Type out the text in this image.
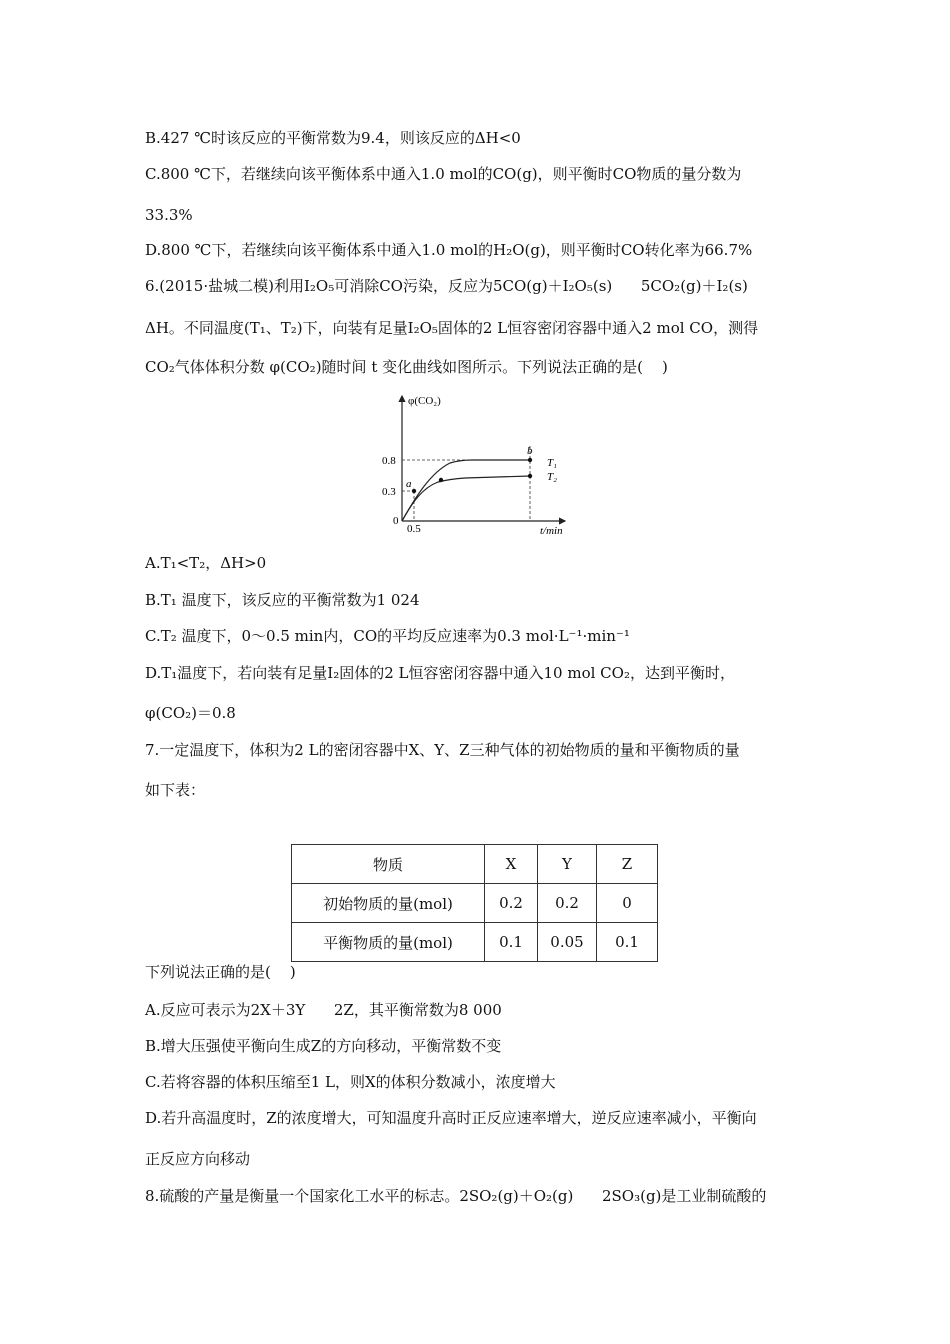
B.427 ℃时该反应的平衡常数为9.4，则该反应的ΔH<0
C.800 ℃下，若继续向该平衡体系中通入1.0 mol的CO(g)，则平衡时CO物质的量分数为
33.3%
D.800 ℃下，若继续向该平衡体系中通入1.0 mol的H₂O(g)，则平衡时CO转化率为66.7%
6.(2015·盐城二模)利用I₂O₅可消除CO污染，反应为5CO(g)＋I₂O₅(s)      5CO₂(g)＋I₂(s)
ΔH。不同温度(T₁、T₂)下，向装有足量I₂O₅固体的2 L恒容密闭容器中通入2 mol CO，测得
CO₂气体体积分数 φ(CO₂)随时间 t 变化曲线如图所示。下列说法正确的是(    )
φ(CO₂)
t/min
0
0.8
0.3
0.5
a
b
T₁
T₂
A.T₁<T₂，ΔH>0
B.T₁ 温度下，该反应的平衡常数为1 024
C.T₂ 温度下，0～0.5 min内，CO的平均反应速率为0.3 mol·L⁻¹·min⁻¹
D.T₁温度下，若向装有足量I₂固体的2 L恒容密闭容器中通入10 mol CO₂，达到平衡时，
φ(CO₂)＝0.8
7.一定温度下，体积为2 L的密闭容器中X、Y、Z三种气体的初始物质的量和平衡物质的量
如下表：
物质	X	Y	Z
初始物质的量(mol)	0.2	0.2	0
平衡物质的量(mol)	0.1	0.05	0.1
下列说法正确的是(    )
A.反应可表示为2X＋3Y      2Z，其平衡常数为8 000
B.增大压强使平衡向生成Z的方向移动，平衡常数不变
C.若将容器的体积压缩至1 L，则X的体积分数减小，浓度增大
D.若升高温度时，Z的浓度增大，可知温度升高时正反应速率增大，逆反应速率减小，平衡向
正反应方向移动
8.硫酸的产量是衡量一个国家化工水平的标志。2SO₂(g)＋O₂(g)      2SO₃(g)是工业制硫酸的
